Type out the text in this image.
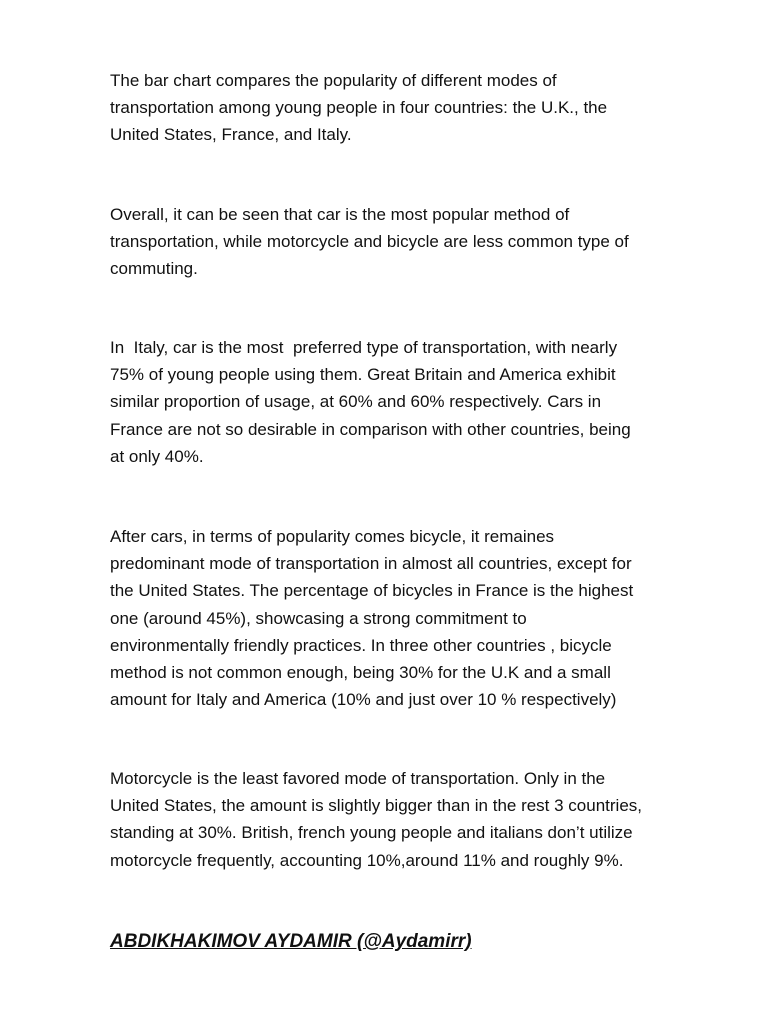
The bar chart compares the popularity of different modes of
transportation among young people in four countries: the U.K., the
United States, France, and Italy.

Overall, it can be seen that car is the most popular method of
transportation, while motorcycle and bicycle are less common type of
commuting.

In  Italy, car is the most  preferred type of transportation, with nearly
75% of young people using them. Great Britain and America exhibit
similar proportion of usage, at 60% and 60% respectively. Cars in
France are not so desirable in comparison with other countries, being
at only 40%.

After cars, in terms of popularity comes bicycle, it remaines
predominant mode of transportation in almost all countries, except for
the United States. The percentage of bicycles in France is the highest
one (around 45%), showcasing a strong commitment to
environmentally friendly practices. In three other countries , bicycle
method is not common enough, being 30% for the U.K and a small
amount for Italy and America (10% and just over 10 % respectively)

Motorcycle is the least favored mode of transportation. Only in the
United States, the amount is slightly bigger than in the rest 3 countries,
standing at 30%. British, french young people and italians don’t utilize
motorcycle frequently, accounting 10%,around 11% and roughly 9%.

ABDIKHAKIMOV AYDAMIR (@Aydamirr)
